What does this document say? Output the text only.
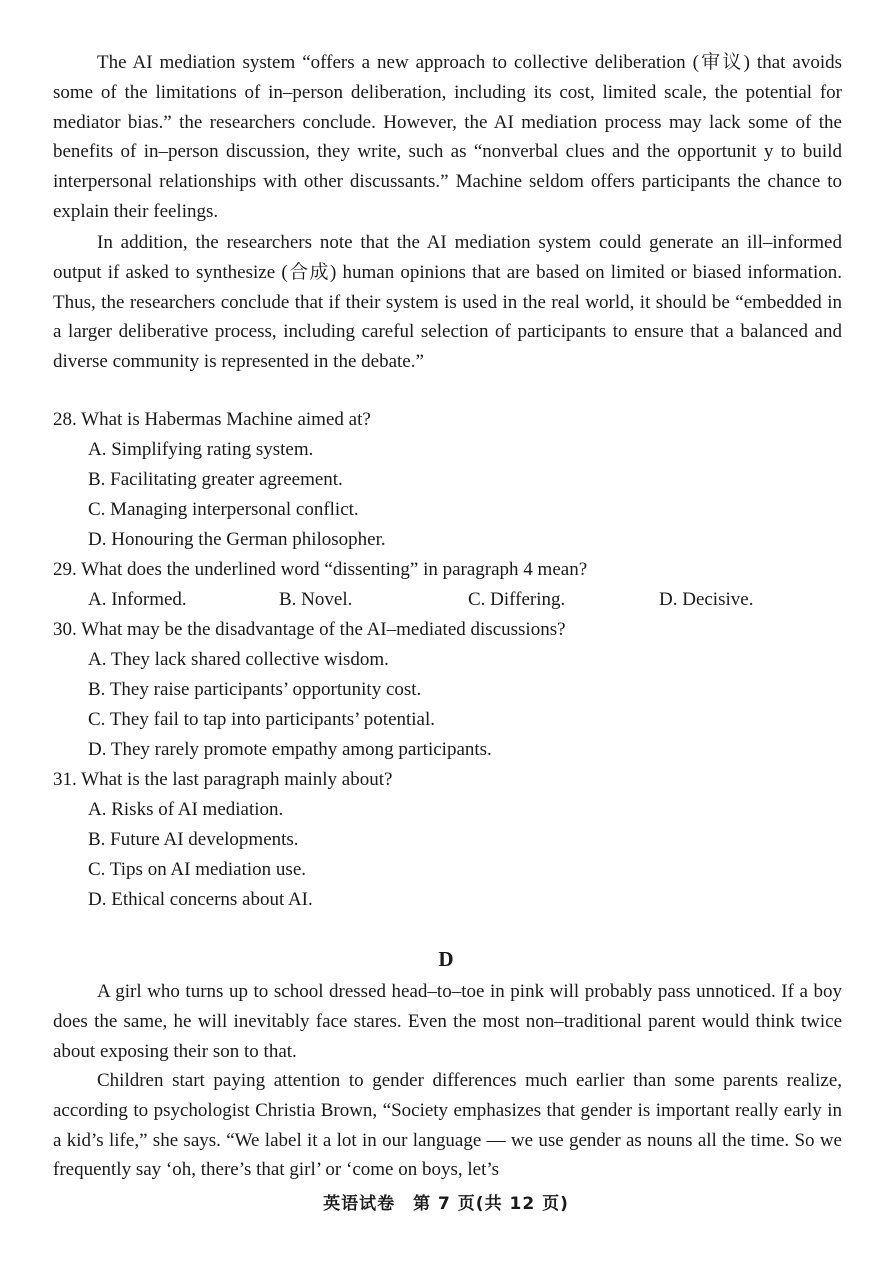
The AI mediation system “offers a new approach to collective deliberation (审议) that avoids some of the limitations of in–person deliberation, including its cost, limited scale, the potential for mediator bias.” the researchers conclude. However, the AI mediation process may lack some of the benefits of in–person discussion, they write, such as “nonverbal clues and the opportunit y to build interpersonal relationships with other discussants.” Machine seldom offers participants the chance to explain their feelings.

In addition, the researchers note that the AI mediation system could generate an ill–informed output if asked to synthesize (合成) human opinions that are based on limited or biased information. Thus, the researchers conclude that if their system is used in the real world, it should be “embedded in a larger deliberative process, including careful selection of participants to ensure that a balanced and diverse community is represented in the debate.”

28. What is Habermas Machine aimed at?
A. Simplifying rating system.
B. Facilitating greater agreement.
C. Managing interpersonal conflict.
D. Honouring the German philosopher.
29. What does the underlined word “dissenting” in paragraph 4 mean?
A. Informed.	B. Novel.	C. Differing.	D. Decisive.
30. What may be the disadvantage of the AI–mediated discussions?
A. They lack shared collective wisdom.
B. They raise participants’ opportunity cost.
C. They fail to tap into participants’ potential.
D. They rarely promote empathy among participants.
31. What is the last paragraph mainly about?
A. Risks of AI mediation.
B. Future AI developments.
C. Tips on AI mediation use.
D. Ethical concerns about AI.
D

A girl who turns up to school dressed head–to–toe in pink will probably pass unnoticed. If a boy does the same, he will inevitably face stares. Even the most non–traditional parent would think twice about exposing their son to that.

Children start paying attention to gender differences much earlier than some parents realize, according to psychologist Christia Brown, “Society emphasizes that gender is important really early in a kid’s life,” she says. “We label it a lot in our language — we use gender as nouns all the time. So we frequently say ‘oh, there’s that girl’ or ‘come on boys, let’s

英语试卷　第 7 页(共 12 页)
